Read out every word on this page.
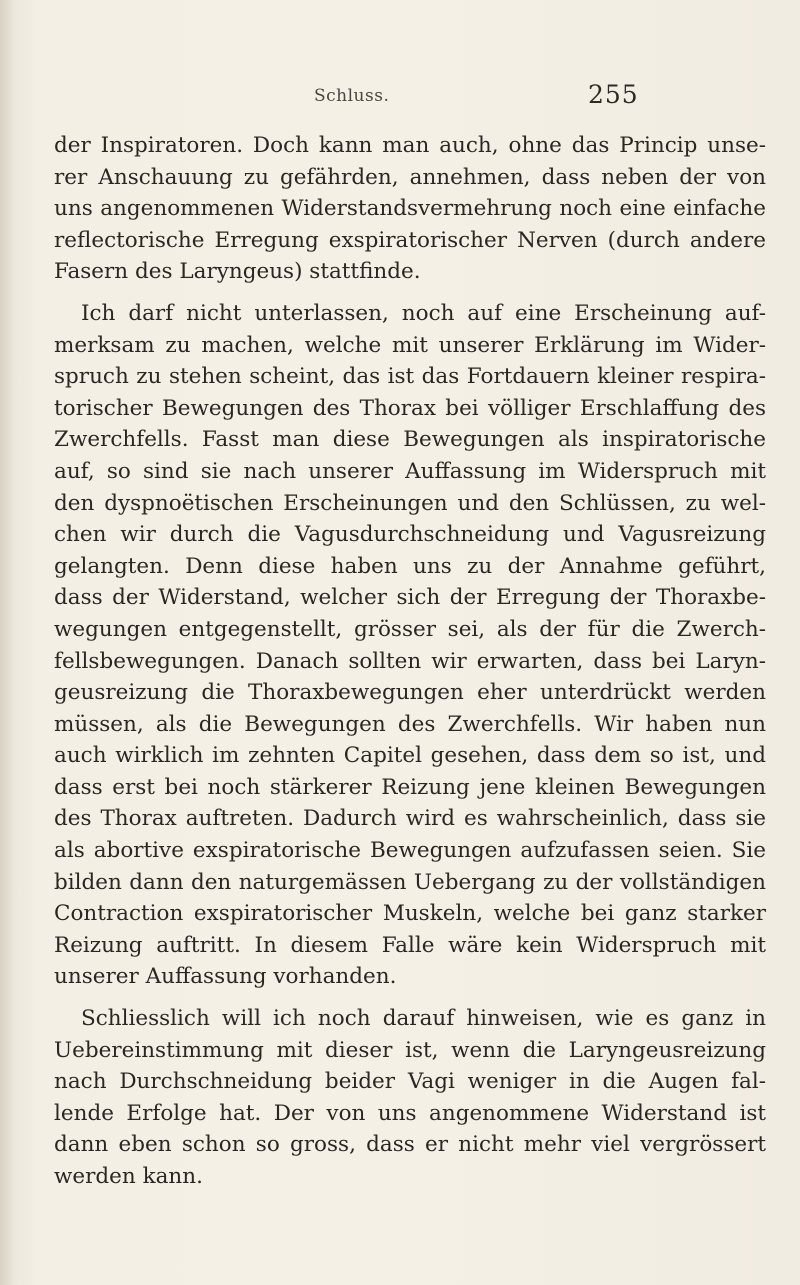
Schluss.	255
der Inspiratoren. Doch kann man auch, ohne das Princip unse-
rer Anschauung zu gefährden, annehmen, dass neben der von
uns angenommenen Widerstandsvermehrung noch eine einfache
reflectorische Erregung exspiratorischer Nerven (durch andere
Fasern des Laryngeus) stattfinde.
Ich darf nicht unterlassen, noch auf eine Erscheinung auf-
merksam zu machen, welche mit unserer Erklärung im Wider-
spruch zu stehen scheint, das ist das Fortdauern kleiner respira-
torischer Bewegungen des Thorax bei völliger Erschlaffung des
Zwerchfells. Fasst man diese Bewegungen als inspiratorische
auf, so sind sie nach unserer Auffassung im Widerspruch mit
den dyspnoëtischen Erscheinungen und den Schlüssen, zu wel-
chen wir durch die Vagusdurchschneidung und Vagusreizung
gelangten. Denn diese haben uns zu der Annahme geführt,
dass der Widerstand, welcher sich der Erregung der Thoraxbe-
wegungen entgegenstellt, grösser sei, als der für die Zwerch-
fellsbewegungen. Danach sollten wir erwarten, dass bei Laryn-
geusreizung die Thoraxbewegungen eher unterdrückt werden
müssen, als die Bewegungen des Zwerchfells. Wir haben nun
auch wirklich im zehnten Capitel gesehen, dass dem so ist, und
dass erst bei noch stärkerer Reizung jene kleinen Bewegungen
des Thorax auftreten. Dadurch wird es wahrscheinlich, dass sie
als abortive exspiratorische Bewegungen aufzufassen seien. Sie
bilden dann den naturgemässen Uebergang zu der vollständigen
Contraction exspiratorischer Muskeln, welche bei ganz starker
Reizung auftritt. In diesem Falle wäre kein Widerspruch mit
unserer Auffassung vorhanden.
Schliesslich will ich noch darauf hinweisen, wie es ganz in
Uebereinstimmung mit dieser ist, wenn die Laryngeusreizung
nach Durchschneidung beider Vagi weniger in die Augen fal-
lende Erfolge hat. Der von uns angenommene Widerstand ist
dann eben schon so gross, dass er nicht mehr viel vergrössert
werden kann.
